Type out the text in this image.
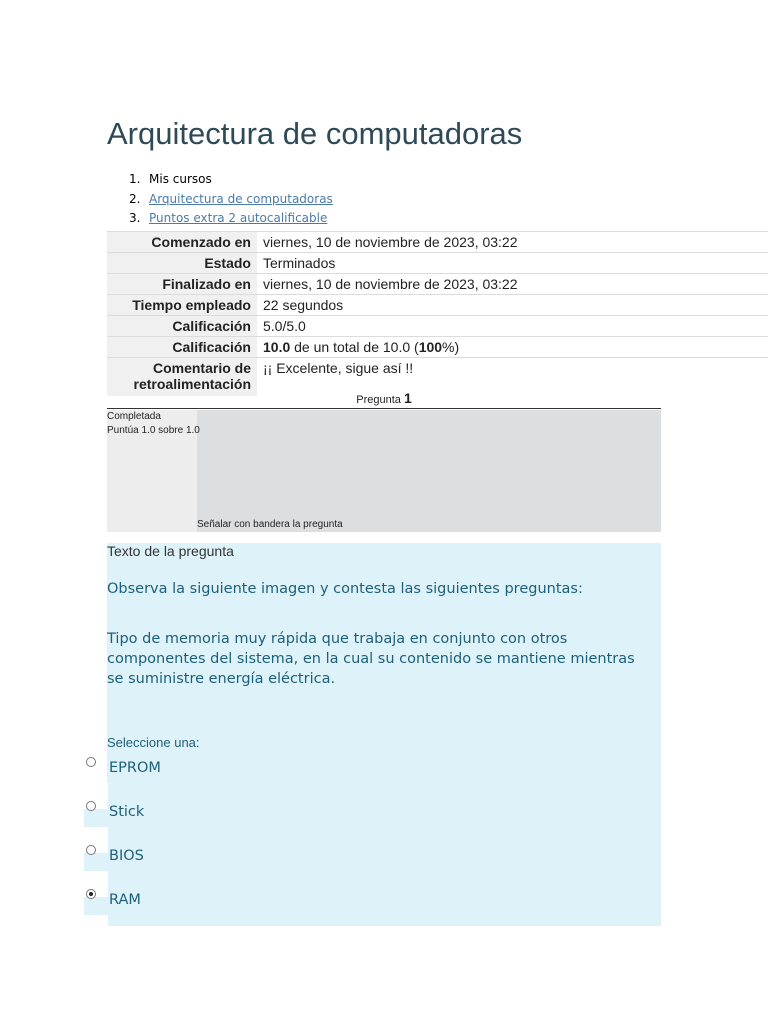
Arquitectura de computadoras
1. Mis cursos
2. Arquitectura de computadoras
3. Puntos extra 2 autocalificable
Comenzado en	viernes, 10 de noviembre de 2023, 03:22
Estado	Terminados
Finalizado en	viernes, 10 de noviembre de 2023, 03:22
Tiempo empleado	22 segundos
Calificación	5.0/5.0
Calificación	10.0 de un total de 10.0 (100%)
Comentario de retroalimentación	¡¡ Excelente, sigue así !!
Pregunta 1
Completada
Puntúa 1.0 sobre 1.0
Señalar con bandera la pregunta
Texto de la pregunta
Observa la siguiente imagen y contesta las siguientes preguntas:
Tipo de memoria muy rápida que trabaja en conjunto con otros
componentes del sistema, en la cual su contenido se mantiene mientras
se suministre energía eléctrica.
Seleccione una:
EPROM
Stick
BIOS
RAM
